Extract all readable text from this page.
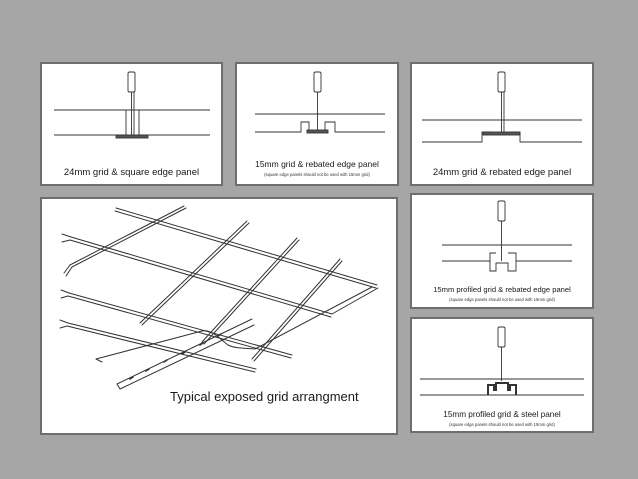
24mm grid & square edge panel
15mm grid & rebated edge panel
(square edge panels should not be used with 15mm grid)	24mm grid & rebated edge panel
Typical exposed grid arrangment
15mm profiled grid & rebated edge panel
(square edge panels should not be used with 15mm grid)
15mm profiled grid & steel panel
(square edge panels should not be used with 15mm grid)
